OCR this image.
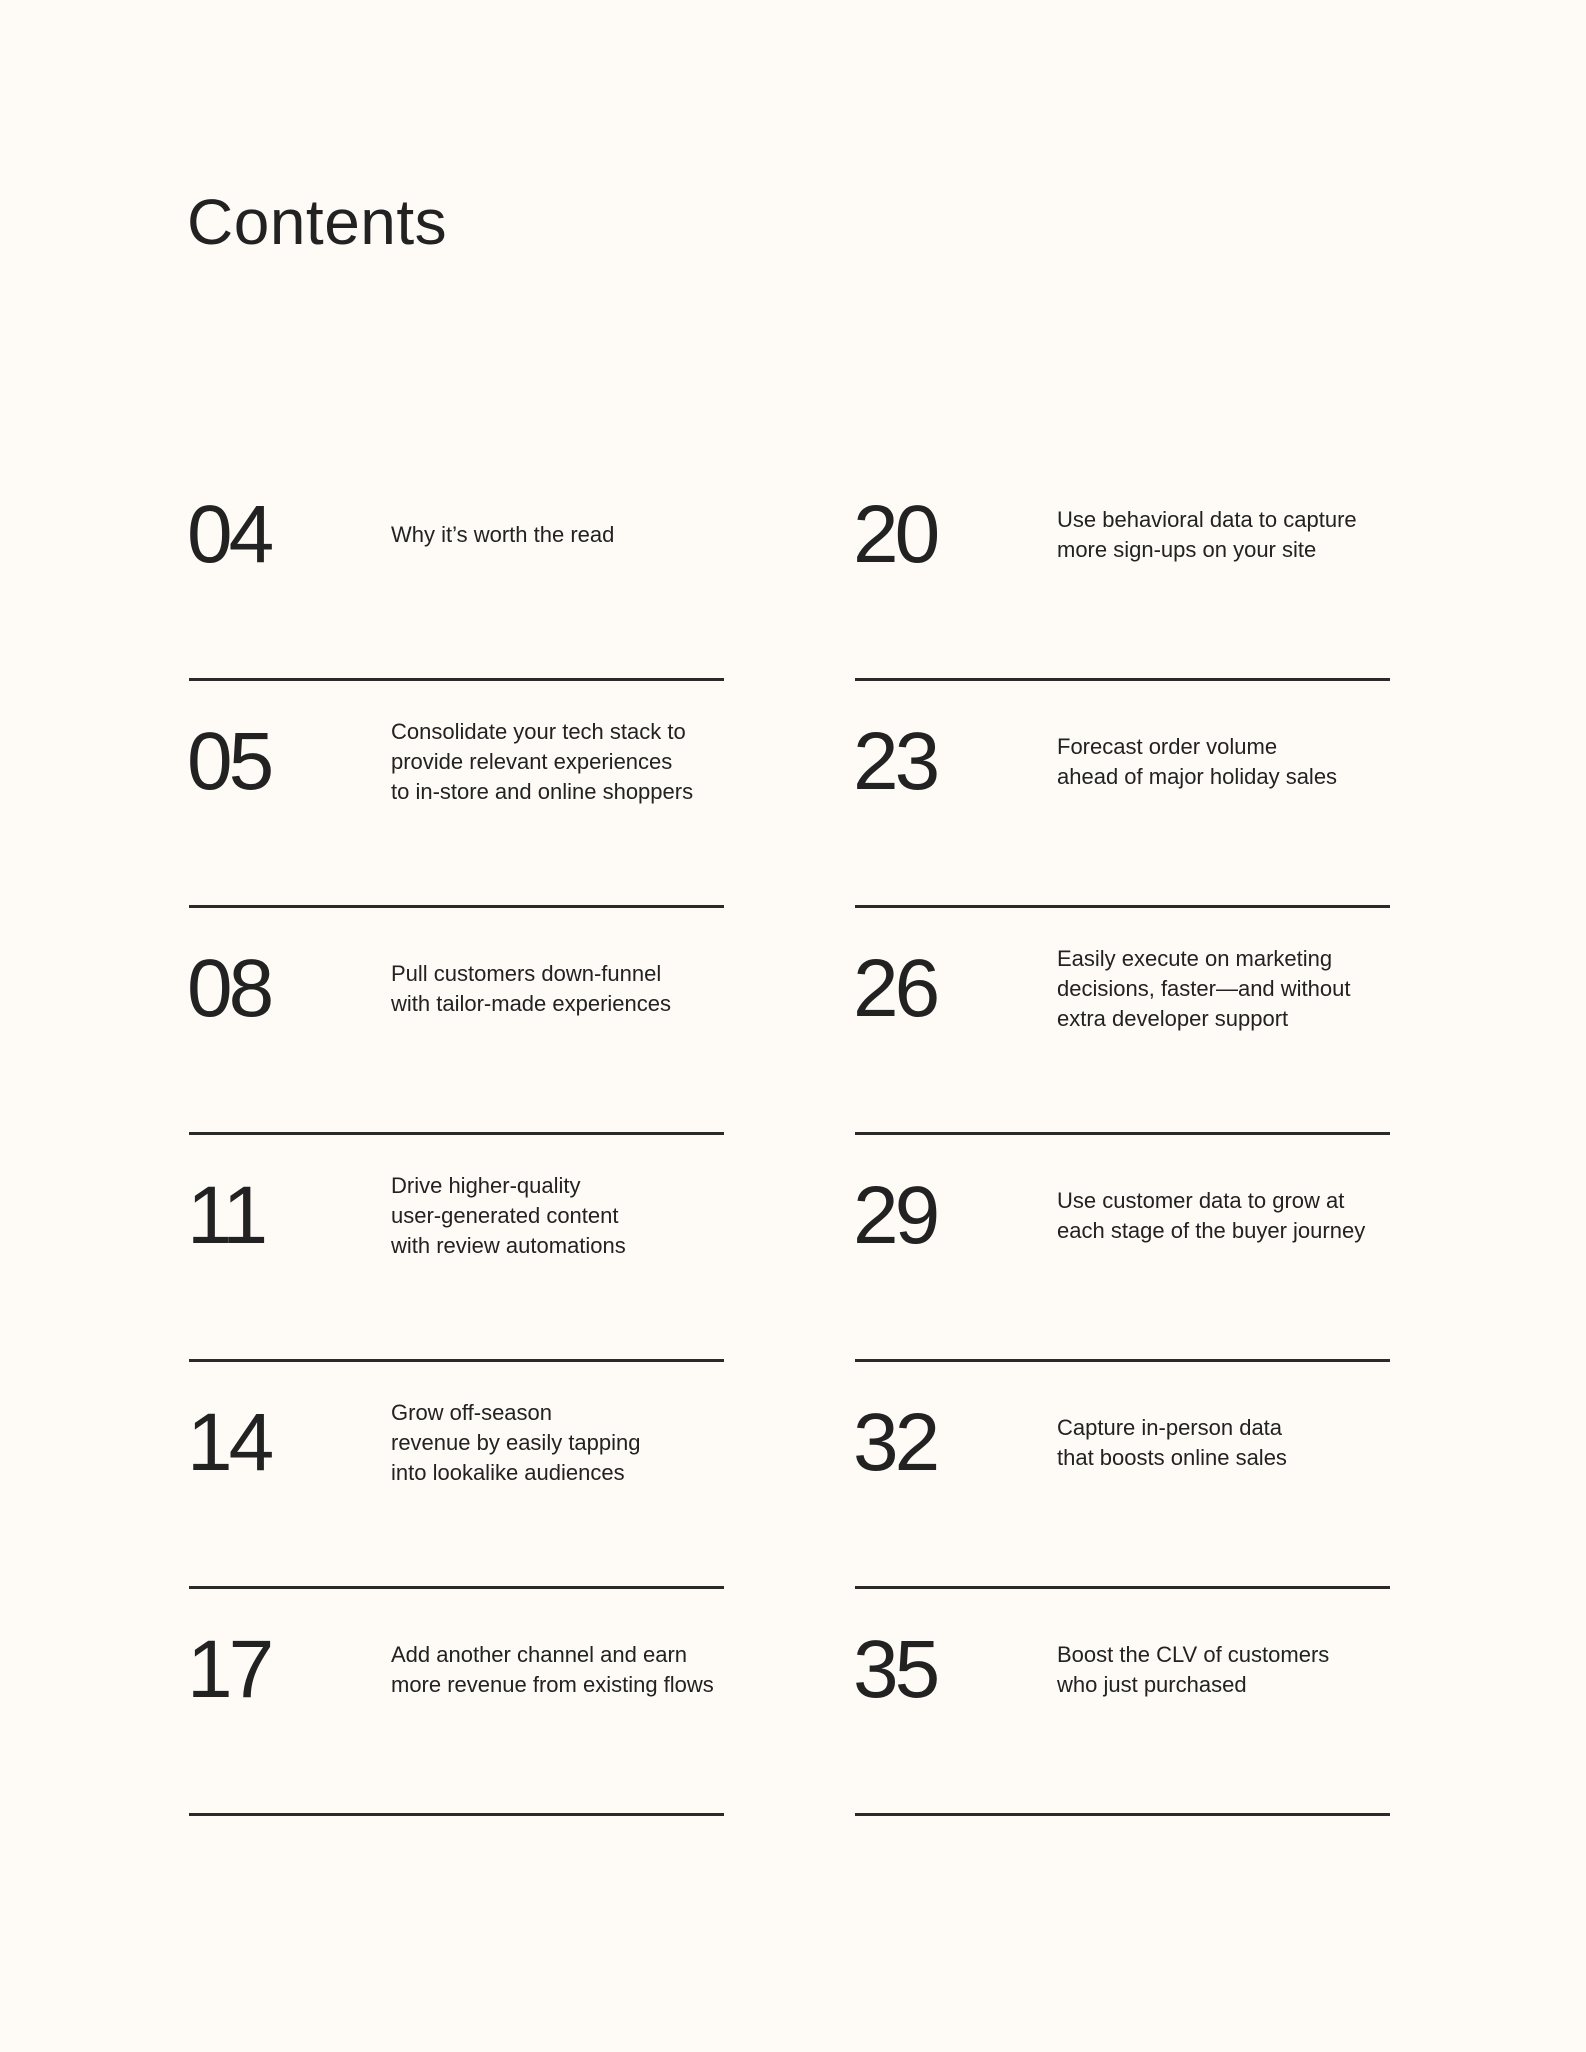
Contents
04	Why it’s worth the read
05	Consolidate your tech stack to
provide relevant experiences
to in-store and online shoppers
08	Pull customers down-funnel
with tailor-made experiences
11	Drive higher-quality
user-generated content
with review automations
14	Grow off-season
revenue by easily tapping
into lookalike audiences
17	Add another channel and earn
more revenue from existing flows
20	Use behavioral data to capture
more sign-ups on your site
23	Forecast order volume
ahead of major holiday sales
26	Easily execute on marketing
decisions, faster—and without
extra developer support
29	Use customer data to grow at
each stage of the buyer journey
32	Capture in-person data
that boosts online sales
35	Boost the CLV of customers
who just purchased
